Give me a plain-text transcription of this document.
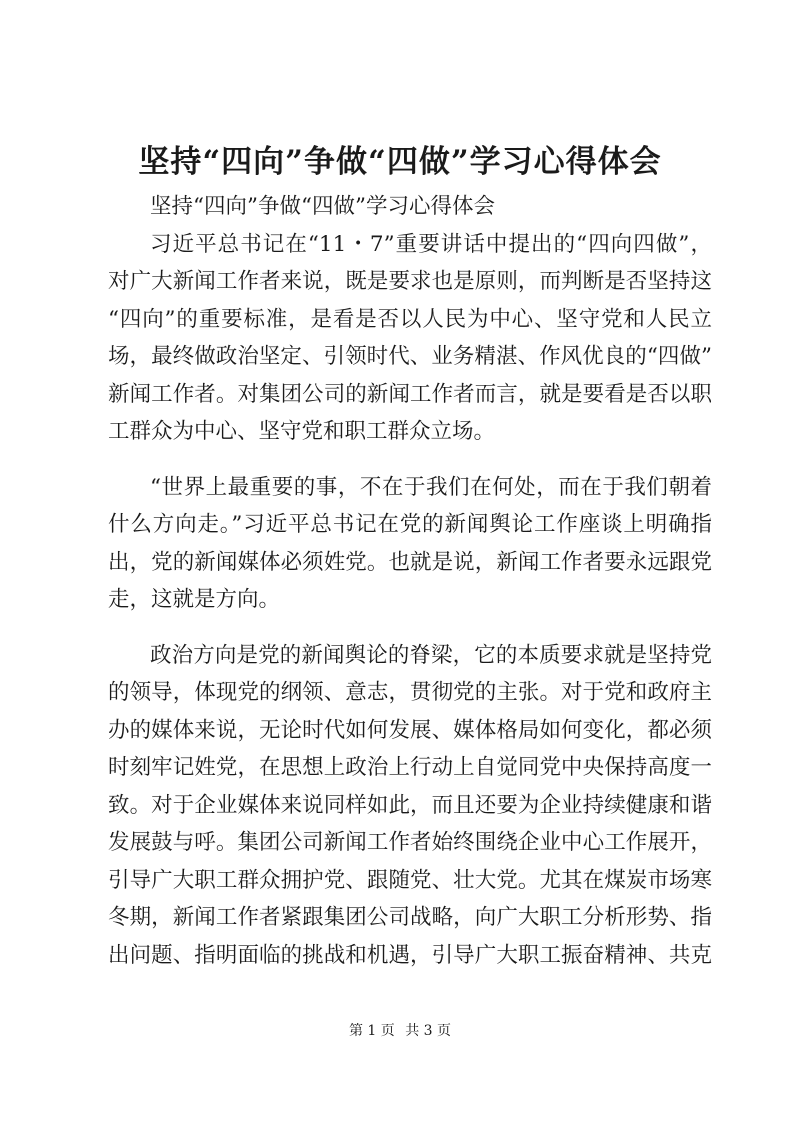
坚持“四向”争做“四做”学习心得体会
坚持“四向”争做“四做”学习心得体会
习近平总书记在“11・7”重要讲话中提出的“四向四做”，
对广大新闻工作者来说，既是要求也是原则，而判断是否坚持这
“四向”的重要标准，是看是否以人民为中心、坚守党和人民立
场，最终做政治坚定、引领时代、业务精湛、作风优良的“四做”
新闻工作者。对集团公司的新闻工作者而言，就是要看是否以职
工群众为中心、坚守党和职工群众立场。
“世界上最重要的事，不在于我们在何处，而在于我们朝着
什么方向走。”习近平总书记在党的新闻舆论工作座谈上明确指
出，党的新闻媒体必须姓党。也就是说，新闻工作者要永远跟党
走，这就是方向。
政治方向是党的新闻舆论的脊梁，它的本质要求就是坚持党
的领导，体现党的纲领、意志，贯彻党的主张。对于党和政府主
办的媒体来说，无论时代如何发展、媒体格局如何变化，都必须
时刻牢记姓党，在思想上政治上行动上自觉同党中央保持高度一
致。对于企业媒体来说同样如此，而且还要为企业持续健康和谐
发展鼓与呼。集团公司新闻工作者始终围绕企业中心工作展开，
引导广大职工群众拥护党、跟随党、壮大党。尤其在煤炭市场寒
冬期，新闻工作者紧跟集团公司战略，向广大职工分析形势、指
出问题、指明面临的挑战和机遇，引导广大职工振奋精神、共克
第 1 页 共 3 页
